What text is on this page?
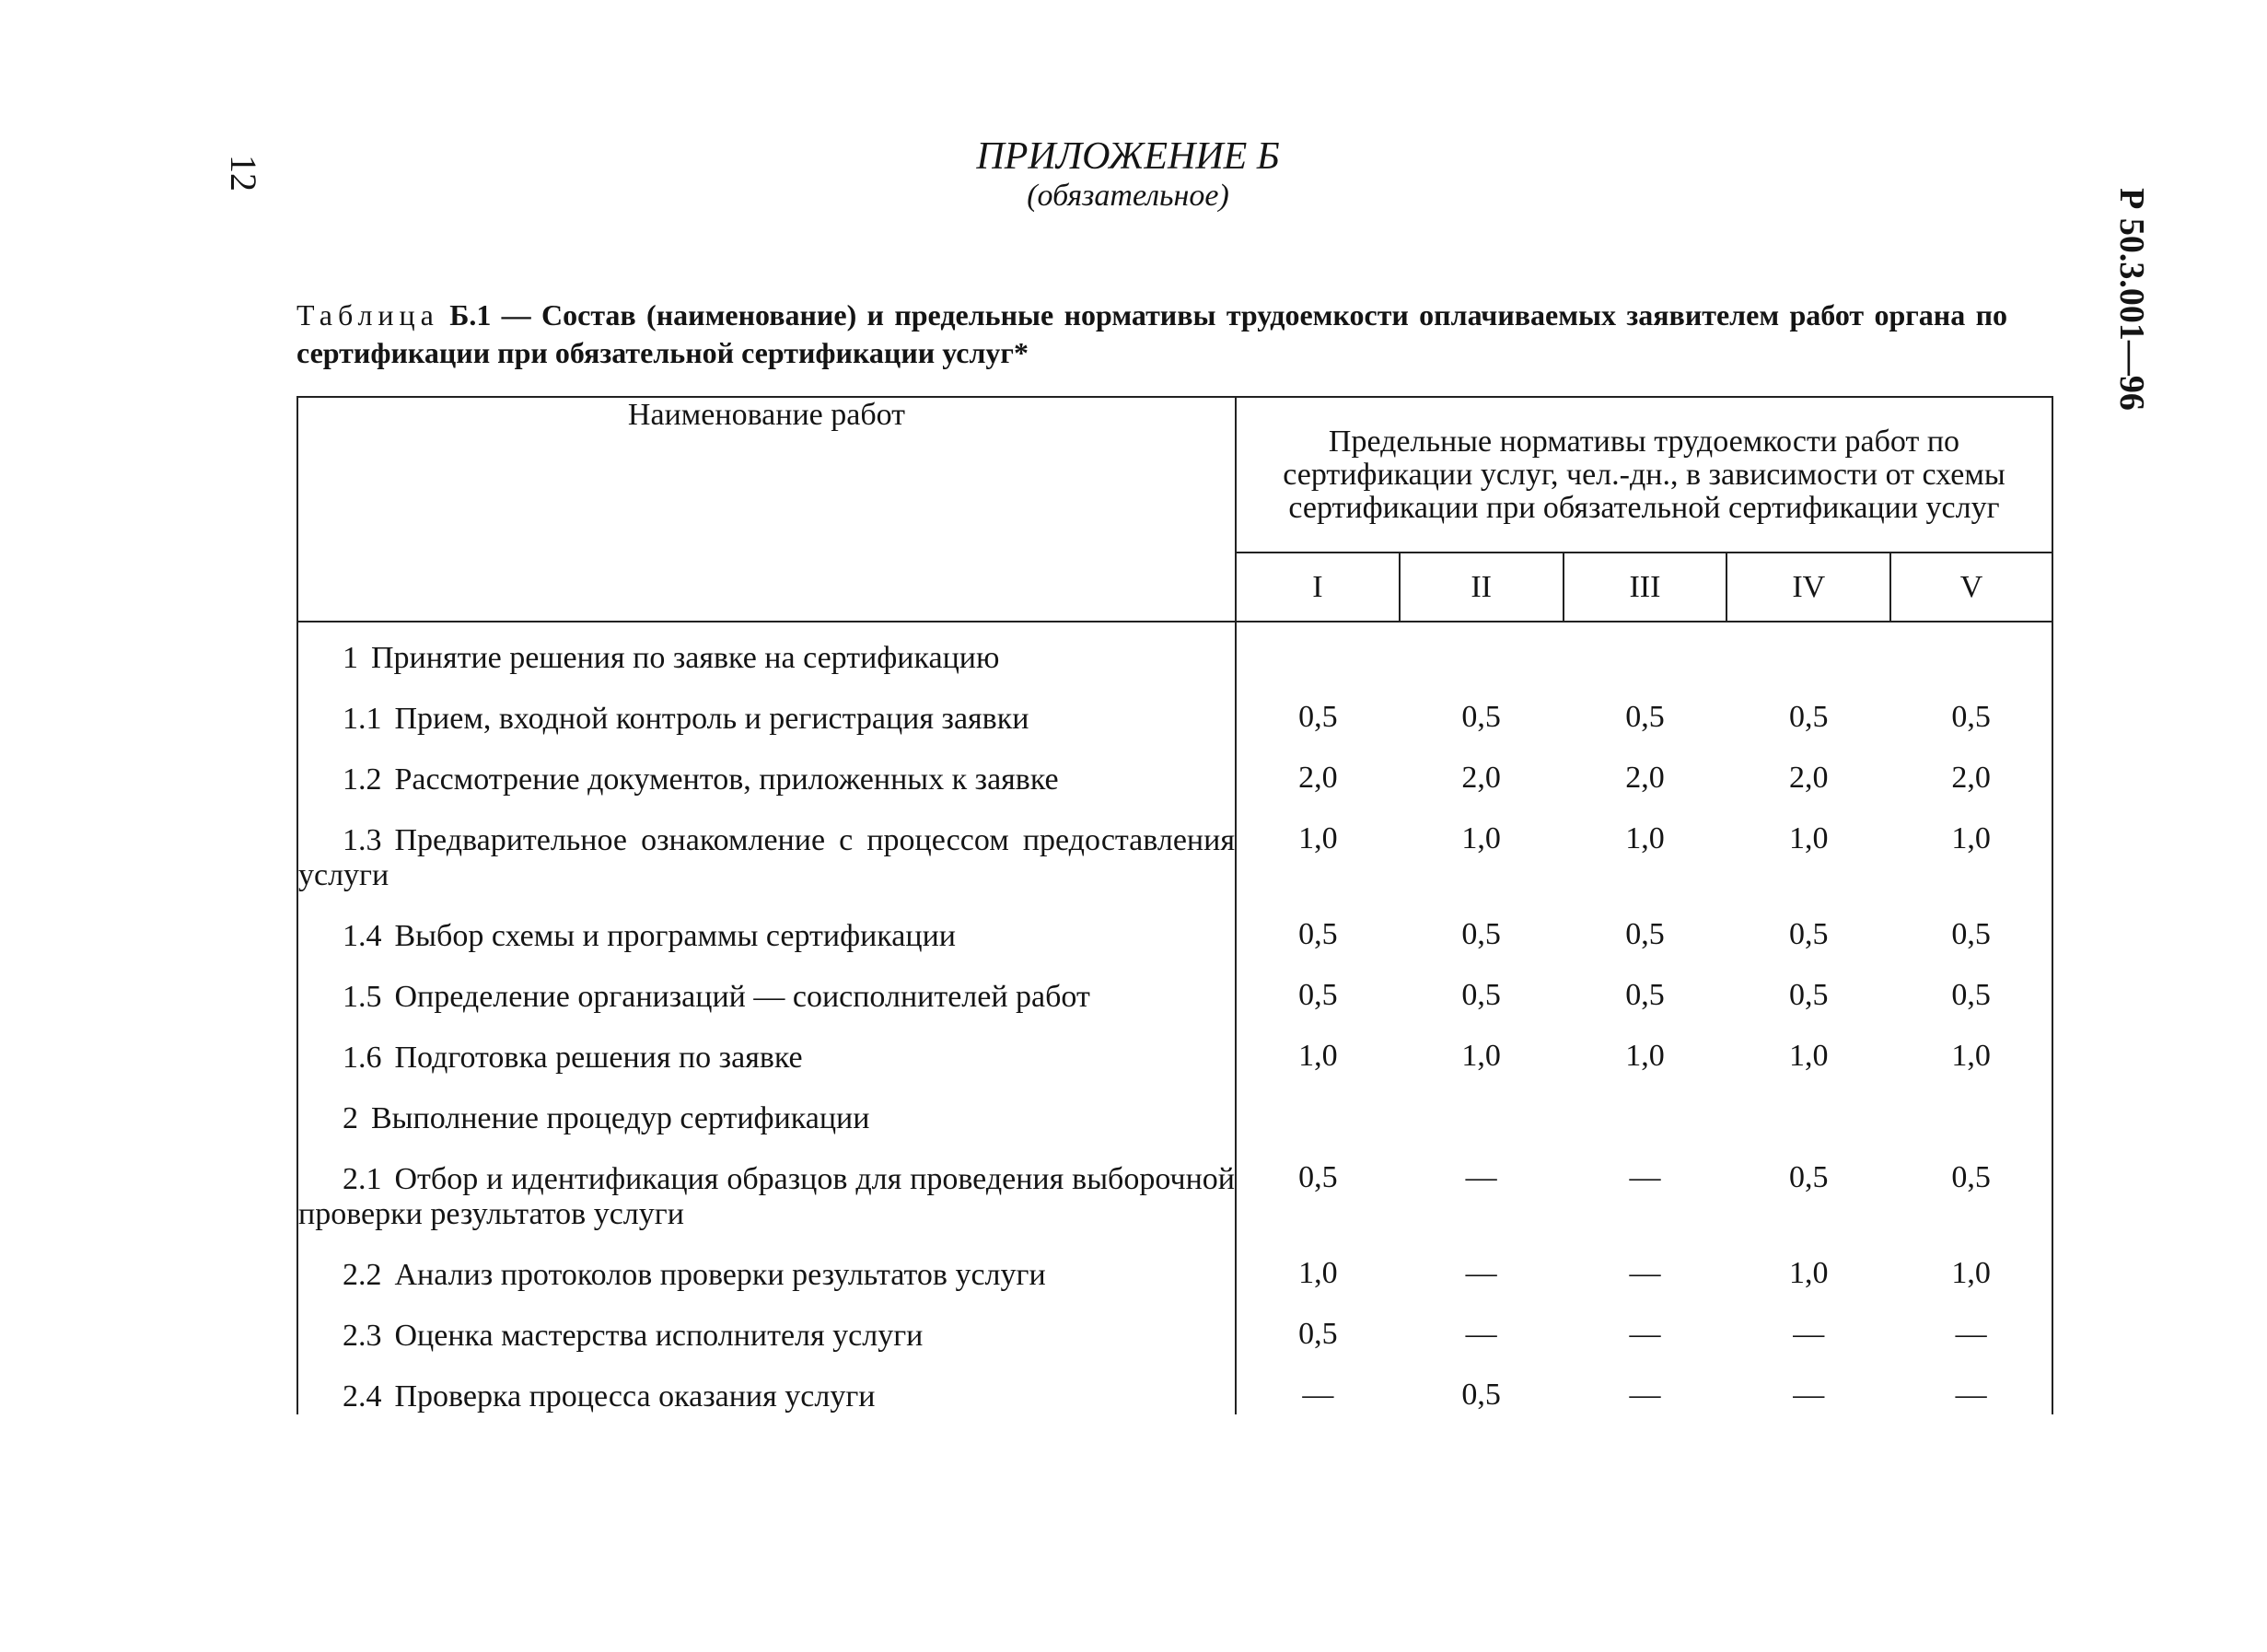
12
Р 50.3.001—96
ПРИЛОЖЕНИЕ Б
(обязательное)
Таблица Б.1 — Состав (наименование) и предельные нормативы трудоемкости оплачиваемых заявителем работ органа по сертификации при обязательной сертификации услуг*
Наименование работ	Предельные нормативы трудоемкости работ по сертификации услуг, чел.-дн., в зависимости от схемы сертификации при обязательной сертификации услуг				
	I	II	III	IV	V
1 Принятие решения по заявке на сертификацию					
1.1 Прием, входной контроль и регистрация заявки	0,5	0,5	0,5	0,5	0,5
1.2 Рассмотрение документов, приложенных к заявке	2,0	2,0	2,0	2,0	2,0
1.3 Предварительное ознакомление с процессом предоставления услуги	1,0	1,0	1,0	1,0	1,0
1.4 Выбор схемы и программы сертификации	0,5	0,5	0,5	0,5	0,5
1.5 Определение организаций — соисполнителей работ	0,5	0,5	0,5	0,5	0,5
1.6 Подготовка решения по заявке	1,0	1,0	1,0	1,0	1,0
2 Выполнение процедур сертификации					
2.1 Отбор и идентификация образцов для проведения выборочной проверки результатов услуги	0,5	—	—	0,5	0,5
2.2 Анализ протоколов проверки результатов услуги	1,0	—	—	1,0	1,0
2.3 Оценка мастерства исполнителя услуги	0,5	—	—	—	—
2.4 Проверка процесса оказания услуги	—	0,5	—	—	—
